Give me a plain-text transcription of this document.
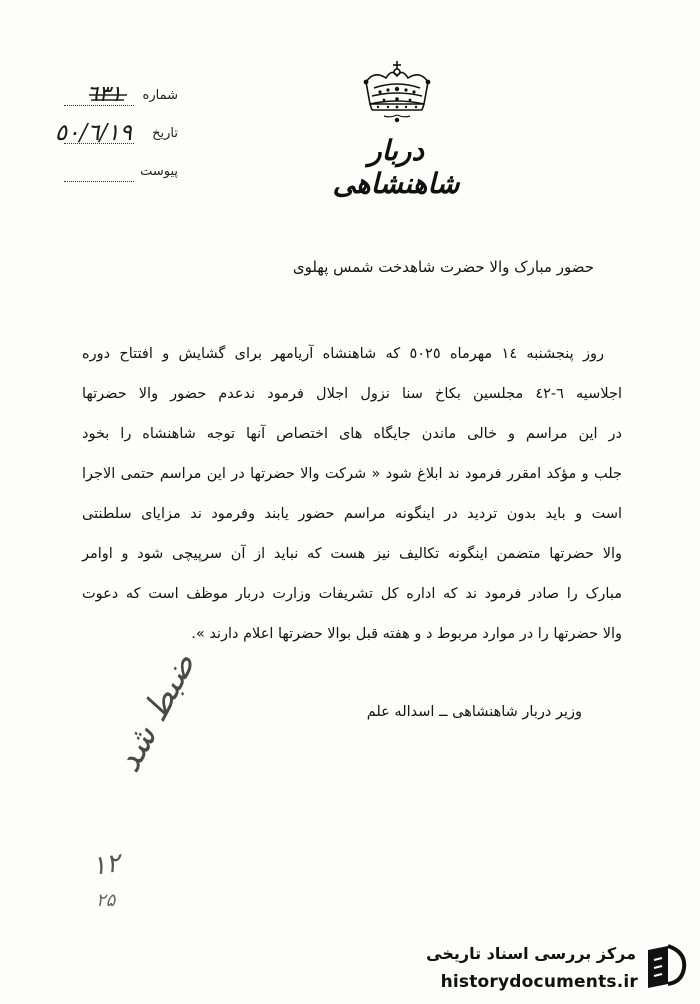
دربار شاهنشاهی
شماره
٦٣١
تاریخ
٥٠/٦/١٩
پیوست
حضور مبارک والا حضرت شاهدخت شمس پهلوی
روز پنجشنبه ١٤ مهرماه ٥٠٢٥ که شاهنشاه آریامهر برای گشایش و افتتاح دوره
اجلاسیه ٦-٤٢ مجلسین بکاخ سنا نزول اجلال فرمود ندعدم حضور والا حضرتها
در این مراسم و خالی ماندن جایگاه های اختصاص آنها توجه شاهنشاه را بخود
جلب و مؤکد امقرر فرمود ند ابلاغ شود « شرکت والا حضرتها در این مراسم حتمی الاجرا
است و باید بدون تردید در اینگونه مراسم حضور یابند وفرمود ند مزایای سلطنتی
والا حضرتها متضمن اینگونه تکالیف نیز هست که نباید از آن سرپیچی شود و اوامر
مبارک را صادر فرمود ند که اداره کل تشریفات وزارت دربار موظف است که دعوت
والا حضرتها را در موارد مربوط د و هفته قبل بوالا حضرتها اعلام دارند ».
وزیر دربار شاهنشاهی ــ اسداله علم
ضبط شد
۱۲
۲۵
مرکز بررسی اسناد تاریخی
historydocuments.ir
